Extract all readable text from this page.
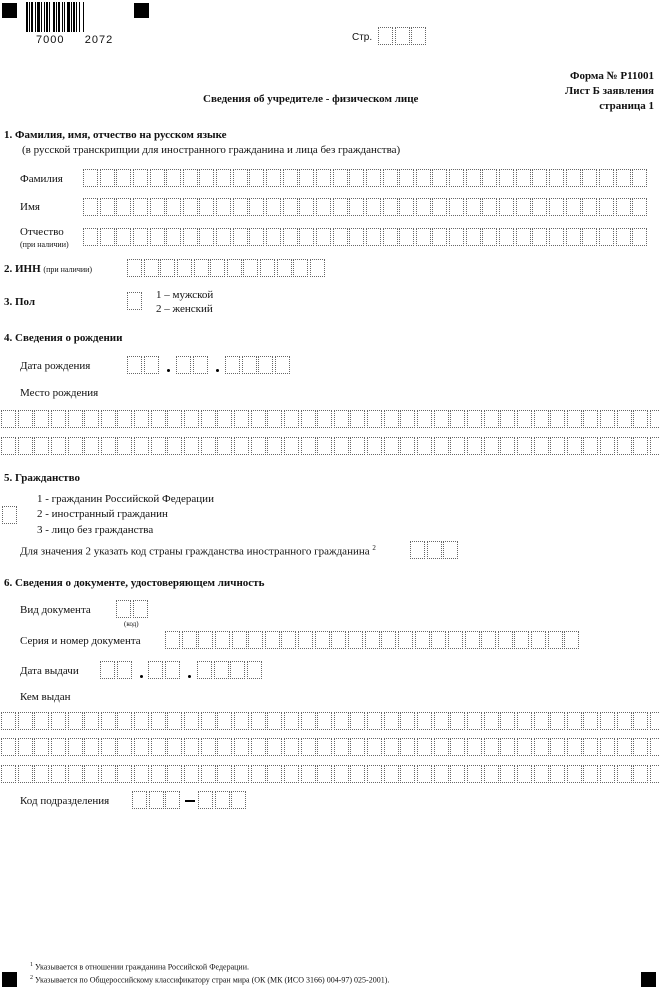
7000 2072	Стр.
Форма № Р11001
Лист Б заявления
страница 1
Сведения об учредителе - физическом лице
1. Фамилия, имя, отчество на русском языке
(в русской транскрипции для иностранного гражданина и лица без гражданства)
Фамилия
Имя
Отчество
(при наличии)
2. ИНН (при наличии)
3. Пол
1 – мужской
2 – женский
4. Сведения о рождении
Дата рождения
Место рождения
5. Гражданство
1 - гражданин Российской Федерации
2 - иностранный гражданин
3 - лицо без гражданства
Для значения 2 указать код страны гражданства иностранного гражданина $^2$
6. Сведения о документе, удостоверяющем личность
Вид документа
(код)
Серия и номер документа
Дата выдачи
Кем выдан
Код подразделения
$^1$ Указывается в отношении гражданина Российской Федерации.
$^2$ Указывается по Общероссийскому классификатору стран мира (ОК (МК (ИСО 3166) 004-97) 025-2001).
